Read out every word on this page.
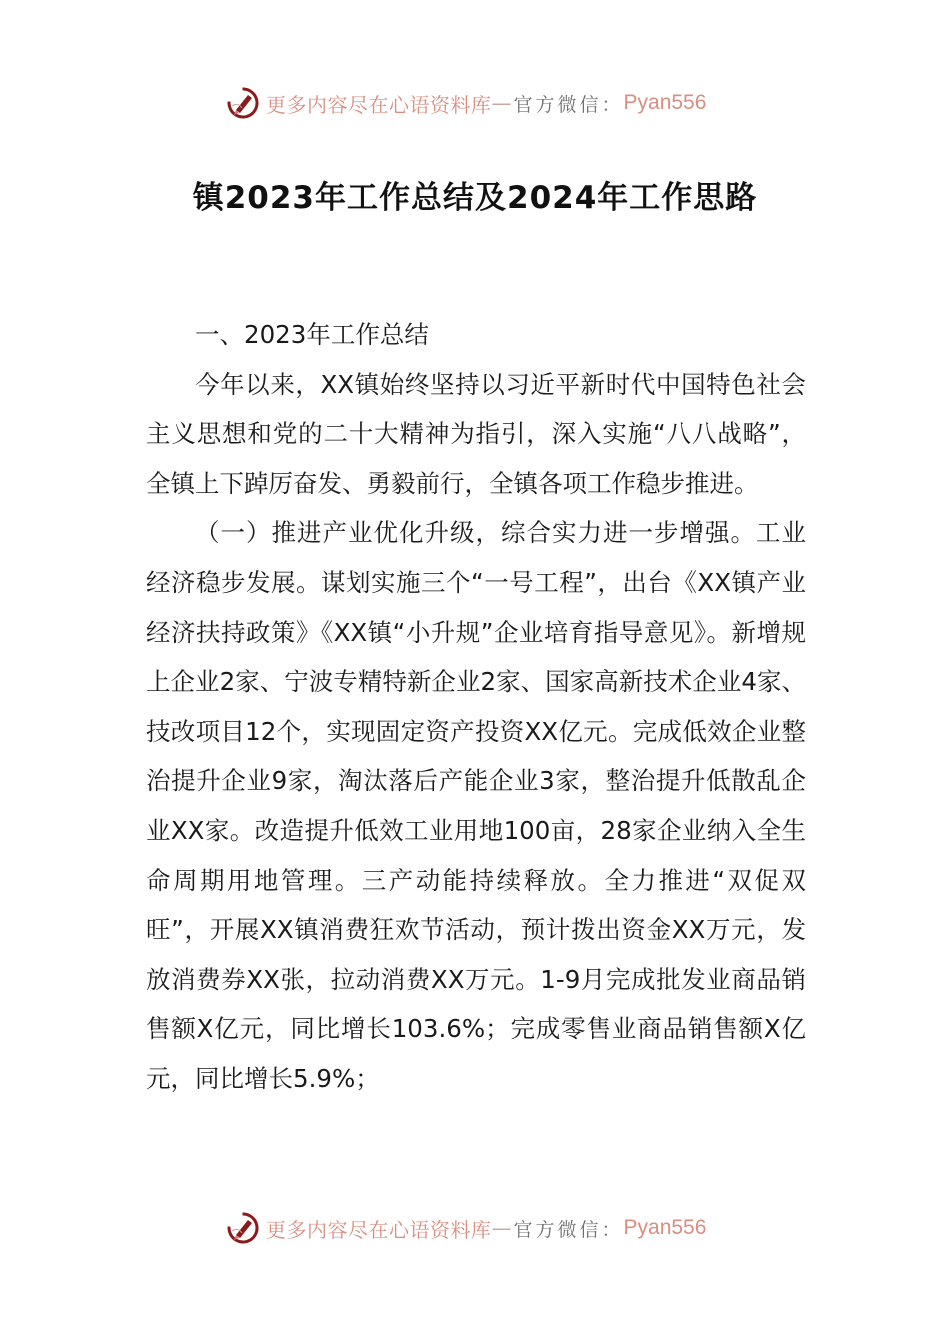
更多内容尽在心语资料库 — 官方微信： Pyan556
镇2023年工作总结及2024年工作思路

一、2023年工作总结

今年以来，XX镇始终坚持以习近平新时代中国特色社会主义思想和党的二十大精神为指引，深入实施“八八战略”，全镇上下踔厉奋发、勇毅前行，全镇各项工作稳步推进。

（一）推进产业优化升级，综合实力进一步增强。工业经济稳步发展。谋划实施三个“一号工程”，出台《XX镇产业经济扶持政策》《XX镇“小升规”企业培育指导意见》。新增规上企业2家、宁波专精特新企业2家、国家高新技术企业4家、技改项目12个，实现固定资产投资XX亿元。完成低效企业整治提升企业9家，淘汰落后产能企业3家，整治提升低散乱企业XX家。改造提升低效工业用地100亩，28家企业纳入全生命周期用地管理。三产动能持续释放。全力推进“双促双旺”，开展XX镇消费狂欢节活动，预计拨出资金XX万元，发放消费券XX张，拉动消费XX万元。1-9月完成批发业商品销售额X亿元，同比增长103.6%；完成零售业商品销售额X亿元，同比增长5.9%；

更多内容尽在心语资料库 — 官方微信： Pyan556
